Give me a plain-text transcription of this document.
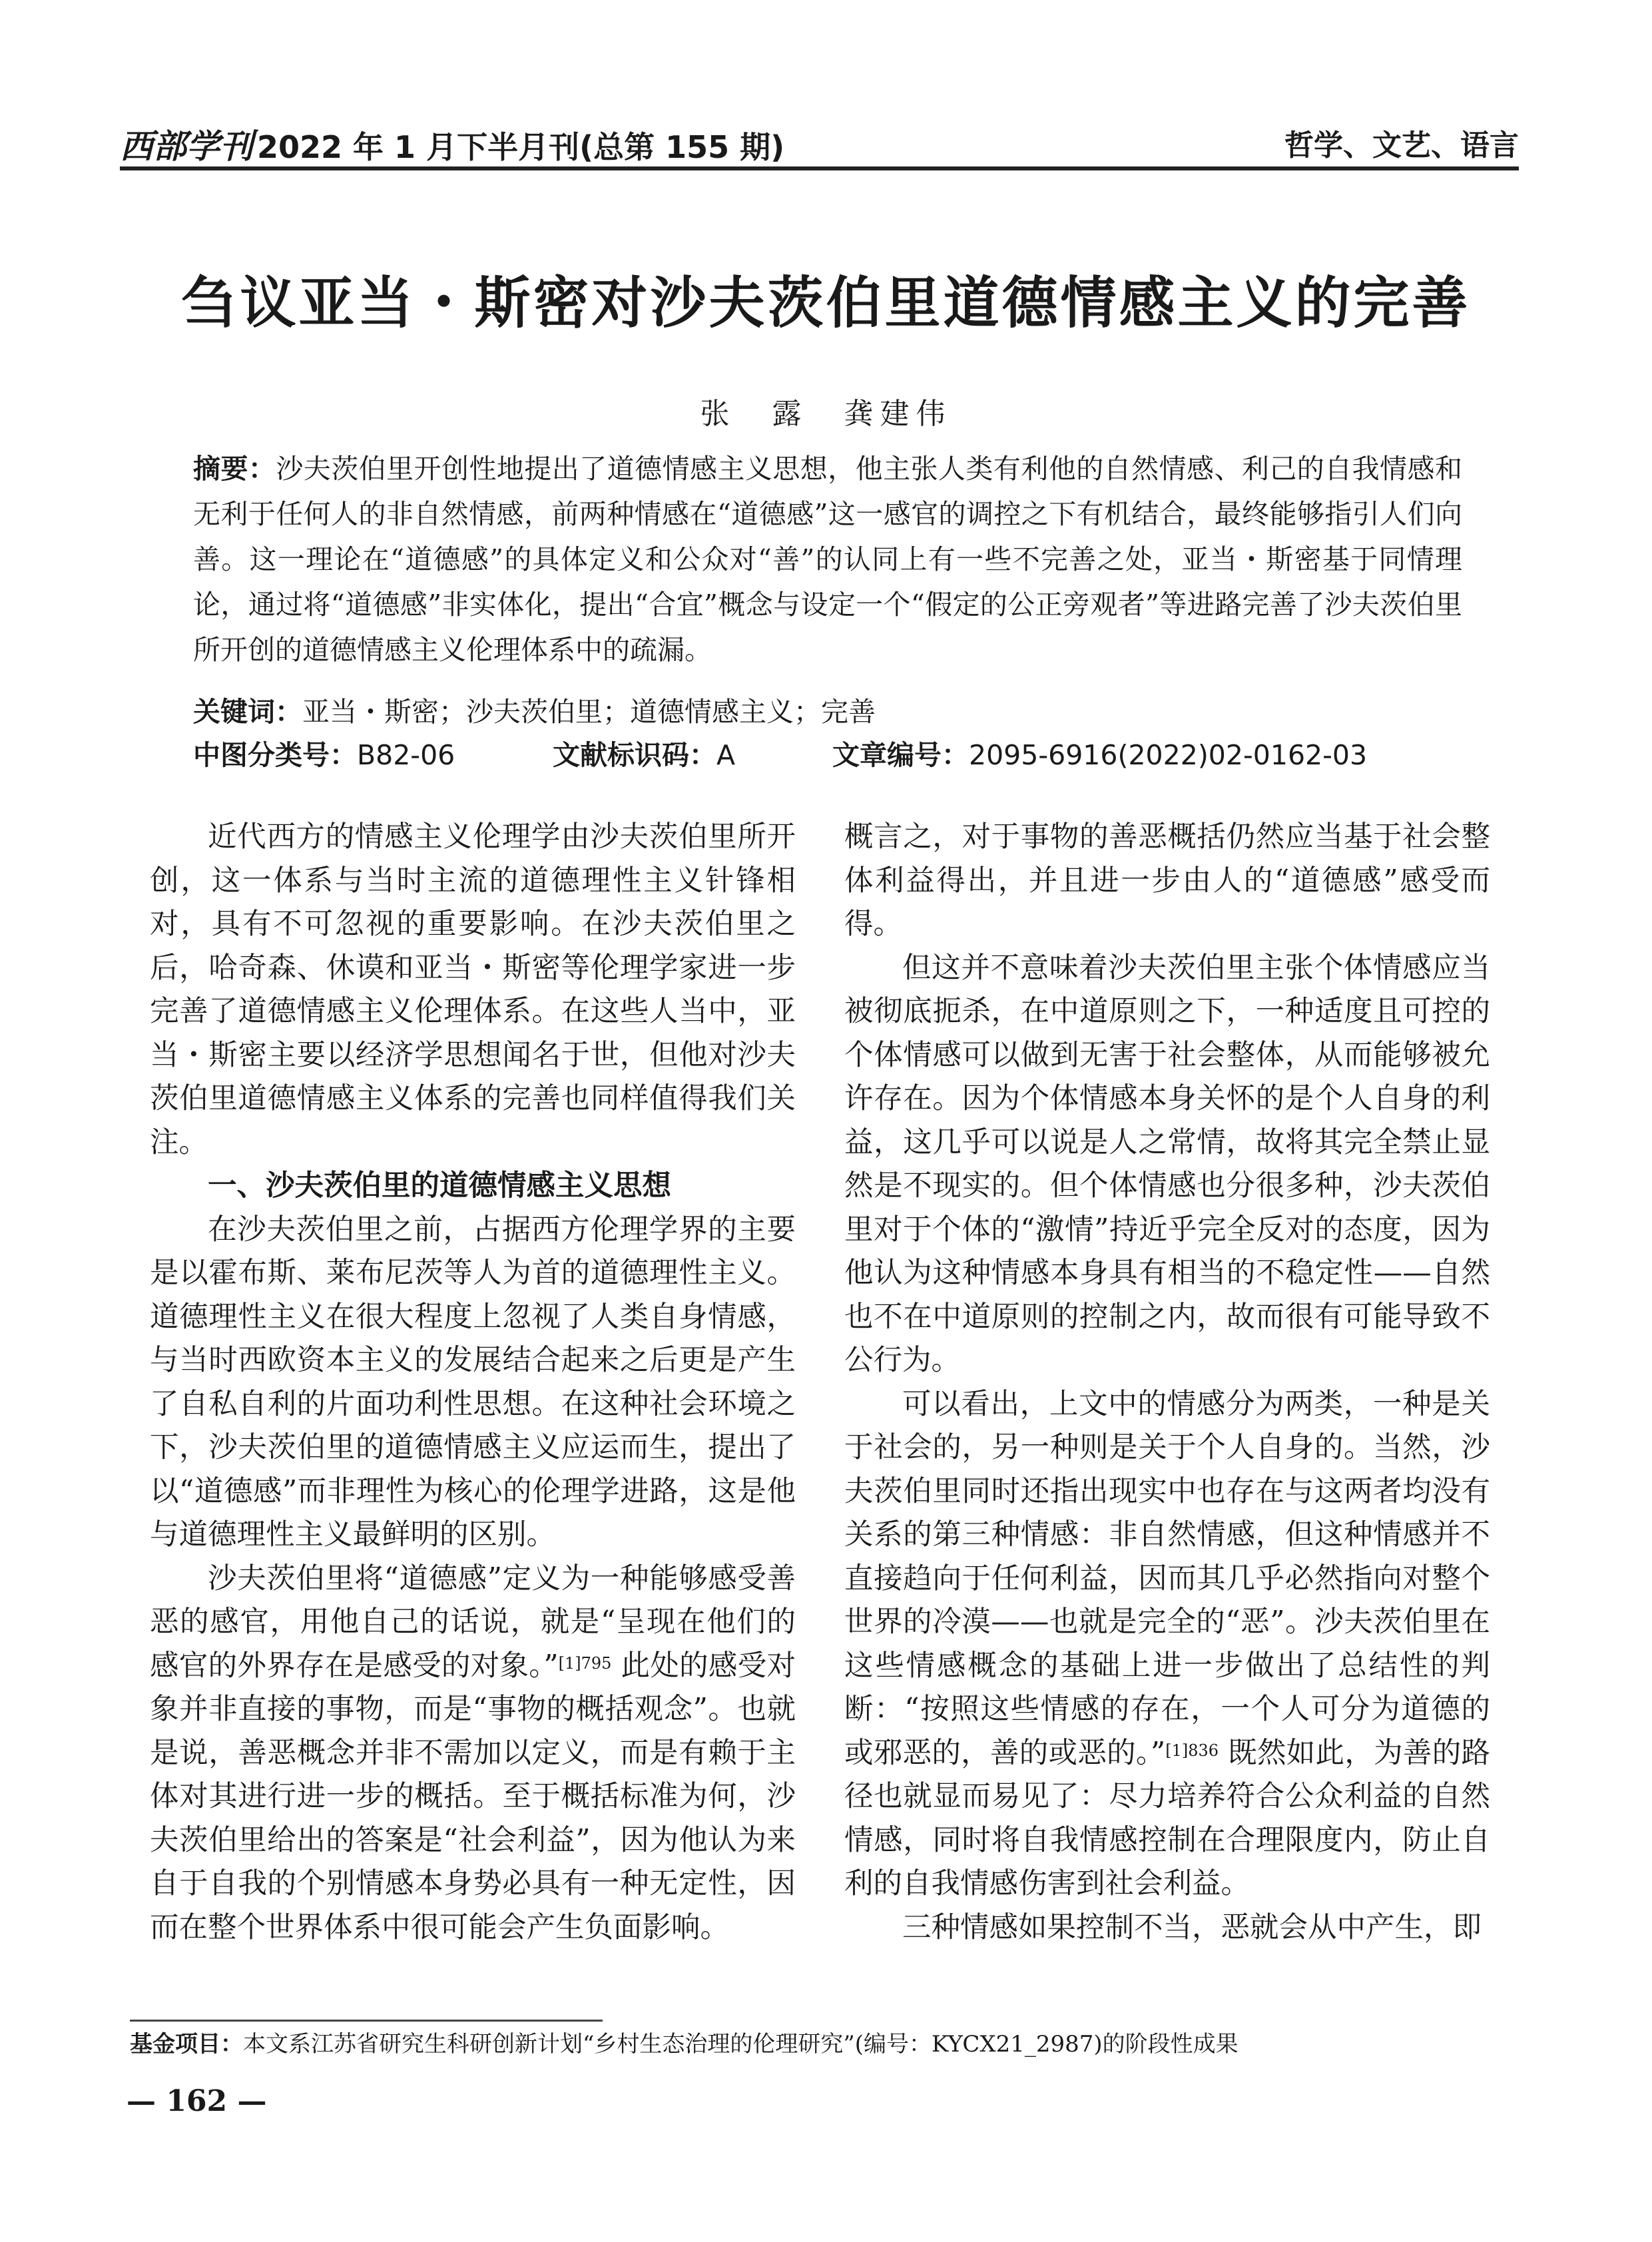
西部学刊 2022 年 1 月下半月刊(总第 155 期)	哲学、文艺、语言
刍议亚当・斯密对沙夫茨伯里道德情感主义的完善
张　露　龚建伟
摘要：沙夫茨伯里开创性地提出了道德情感主义思想，他主张人类有利他的自然情感、利己的自我情感和无利于任何人的非自然情感，前两种情感在“道德感”这一感官的调控之下有机结合，最终能够指引人们向善。这一理论在“道德感”的具体定义和公众对“善”的认同上有一些不完善之处，亚当・斯密基于同情理论，通过将“道德感”非实体化，提出“合宜”概念与设定一个“假定的公正旁观者”等进路完善了沙夫茨伯里所开创的道德情感主义伦理体系中的疏漏。
关键词：亚当・斯密；沙夫茨伯里；道德情感主义；完善
中图分类号：B82-06	文献标识码：A	文章编号：2095-6916(2022)02-0162-03

近代西方的情感主义伦理学由沙夫茨伯里所开创，这一体系与当时主流的道德理性主义针锋相对，具有不可忽视的重要影响。在沙夫茨伯里之后，哈奇森、休谟和亚当・斯密等伦理学家进一步完善了道德情感主义伦理体系。在这些人当中，亚当・斯密主要以经济学思想闻名于世，但他对沙夫茨伯里道德情感主义体系的完善也同样值得我们关注。

一、沙夫茨伯里的道德情感主义思想

在沙夫茨伯里之前，占据西方伦理学界的主要是以霍布斯、莱布尼茨等人为首的道德理性主义。道德理性主义在很大程度上忽视了人类自身情感，与当时西欧资本主义的发展结合起来之后更是产生了自私自利的片面功利性思想。在这种社会环境之下，沙夫茨伯里的道德情感主义应运而生，提出了以“道德感”而非理性为核心的伦理学进路，这是他与道德理性主义最鲜明的区别。

沙夫茨伯里将“道德感”定义为一种能够感受善恶的感官，用他自己的话说，就是“呈现在他们的感官的外界存在是感受的对象。”$^{[1]795}$ 此处的感受对象并非直接的事物，而是“事物的概括观念”。也就是说，善恶概念并非不需加以定义，而是有赖于主体对其进行进一步的概括。至于概括标准为何，沙夫茨伯里给出的答案是“社会利益”，因为他认为来自于自我的个别情感本身势必具有一种无定性，因而在整个世界体系中很可能会产生负面影响。

概言之，对于事物的善恶概括仍然应当基于社会整体利益得出，并且进一步由人的“道德感”感受而得。

但这并不意味着沙夫茨伯里主张个体情感应当被彻底扼杀，在中道原则之下，一种适度且可控的个体情感可以做到无害于社会整体，从而能够被允许存在。因为个体情感本身关怀的是个人自身的利益，这几乎可以说是人之常情，故将其完全禁止显然是不现实的。但个体情感也分很多种，沙夫茨伯里对于个体的“激情”持近乎完全反对的态度，因为他认为这种情感本身具有相当的不稳定性——自然也不在中道原则的控制之内，故而很有可能导致不公行为。

可以看出，上文中的情感分为两类，一种是关于社会的，另一种则是关于个人自身的。当然，沙夫茨伯里同时还指出现实中也存在与这两者均没有关系的第三种情感：非自然情感，但这种情感并不直接趋向于任何利益，因而其几乎必然指向对整个世界的冷漠——也就是完全的“恶”。沙夫茨伯里在这些情感概念的基础上进一步做出了总结性的判断：“按照这些情感的存在，一个人可分为道德的或邪恶的，善的或恶的。”$^{[1]836}$ 既然如此，为善的路径也就显而易见了：尽力培养符合公众利益的自然情感，同时将自我情感控制在合理限度内，防止自利的自我情感伤害到社会利益。

三种情感如果控制不当，恶就会从中产生，即

基金项目：本文系江苏省研究生科研创新计划“乡村生态治理的伦理研究”(编号：KYCX21_2987)的阶段性成果
— 162 —
